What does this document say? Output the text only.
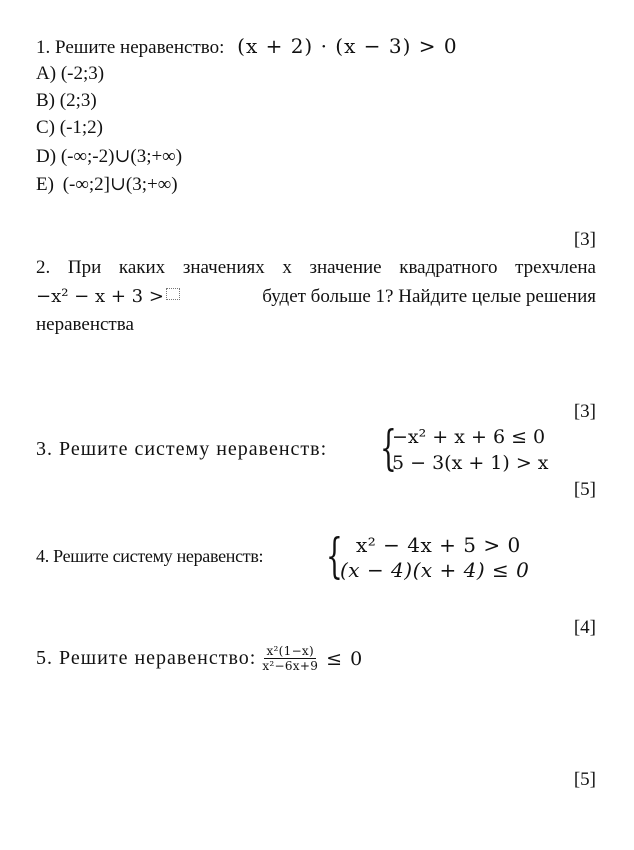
1. Решите неравенство: (x + 2) · (x − 3) > 0
A) (-2;3)
B) (2;3)
C) (-1;2)
D) (-∞;-2)∪(3;+∞)
E) (-∞;2]∪(3;+∞)
[3]
2. При каких значениях x значение квадратного трехчлена
−x² − x + 3 >	будет больше 1? Найдите целые решения
неравенства
[3]
3. Решите систему неравенств: {
−x² + x + 6 ≤ 0
5 − 3(x + 1) > x
[5]
4. Решите систему неравенств: { x² − 4x + 5 > 0
(x − 4)(x + 4) ≤ 0
[4]
5. Решите неравенство: $\frac{\text{x²(1−x)}}{\text{x²−6x+9}} \le 0$
[5]
